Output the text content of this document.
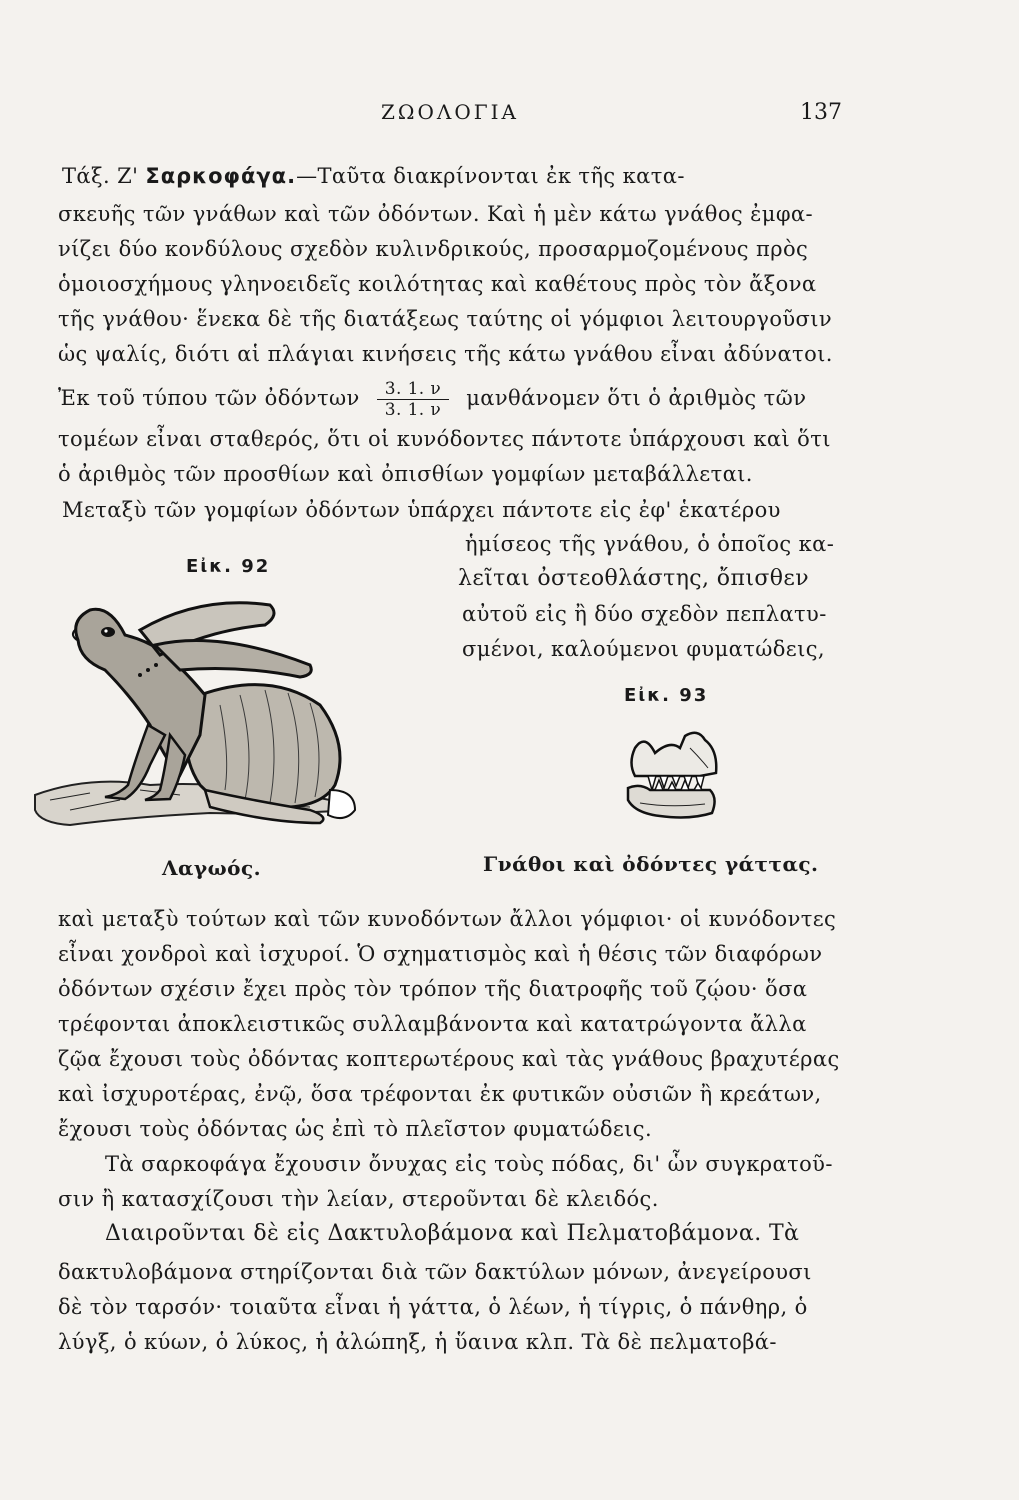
ΖΩΟΛΟΓΙΑ	137
Τάξ. Ζ' Σαρκοφάγα.—Ταῦτα διακρίνονται ἐκ τῆς κατα-
σκευῆς τῶν γνάθων καὶ τῶν ὀδόντων. Καὶ ἡ μὲν κάτω γνάθος ἐμφα-
νίζει δύο κονδύλους σχεδὸν κυλινδρικούς, προσαρμοζομένους πρὸς
ὁμοιοσχήμους γληνοειδεῖς κοιλότητας καὶ καθέτους πρὸς τὸν ἄξονα
τῆς γνάθου· ἕνεκα δὲ τῆς διατάξεως ταύτης οἱ γόμφιοι λειτουργοῦσιν
ὡς ψαλίς, διότι αἱ πλάγιαι κινήσεις τῆς κάτω γνάθου εἶναι ἀδύνατοι.
Ἐκ τοῦ τύπου τῶν ὀδόντων $\frac{3. 1. \nu}{3. 1. \nu}$ μανθάνομεν ὅτι ὁ ἀριθμὸς τῶν
τομέων εἶναι σταθερός, ὅτι οἱ κυνόδοντες πάντοτε ὑπάρχουσι καὶ ὅτι
ὁ ἀριθμὸς τῶν προσθίων καὶ ὀπισθίων γομφίων μεταβάλλεται.
Μεταξὺ τῶν γομφίων ὀδόντων ὑπάρχει πάντοτε εἰς ἐφ' ἑκατέρου
ἡμίσεος τῆς γνάθου, ὁ ὁποῖος κα-
λεῖται ὀστεοθλάστης, ὄπισθεν
αὐτοῦ εἰς ἢ δύο σχεδὸν πεπλατυ-
σμένοι, καλούμενοι φυματώδεις,
Εἰκ. 92
Λαγωός.
Εἰκ. 93
Γνάθοι καὶ ὀδόντες γάττας.
καὶ μεταξὺ τούτων καὶ τῶν κυνοδόντων ἄλλοι γόμφιοι· οἱ κυνόδοντες
εἶναι χονδροὶ καὶ ἰσχυροί. Ὁ σχηματισμὸς καὶ ἡ θέσις τῶν διαφόρων
ὀδόντων σχέσιν ἔχει πρὸς τὸν τρόπον τῆς διατροφῆς τοῦ ζῴου· ὅσα
τρέφονται ἀποκλειστικῶς συλλαμβάνοντα καὶ κατατρώγοντα ἄλλα
ζῷα ἔχουσι τοὺς ὀδόντας κοπτερωτέρους καὶ τὰς γνάθους βραχυτέρας
καὶ ἰσχυροτέρας, ἐνῷ, ὅσα τρέφονται ἐκ φυτικῶν οὐσιῶν ἢ κρεάτων,
ἔχουσι τοὺς ὀδόντας ὡς ἐπὶ τὸ πλεῖστον φυματώδεις.
Τὰ σαρκοφάγα ἔχουσιν ὄνυχας εἰς τοὺς πόδας, δι' ὧν συγκρατοῦ-
σιν ἢ κατασχίζουσι τὴν λείαν, στεροῦνται δὲ κλειδός.
Διαιροῦνται δὲ εἰς Δακτυλοβάμονα καὶ Πελματοβάμονα. Τὰ
δακτυλοβάμονα στηρίζονται διὰ τῶν δακτύλων μόνων, ἀνεγείρουσι
δὲ τὸν ταρσόν· τοιαῦτα εἶναι ἡ γάττα, ὁ λέων, ἡ τίγρις, ὁ πάνθηρ, ὁ
λύγξ, ὁ κύων, ὁ λύκος, ἡ ἀλώπηξ, ἡ ὕαινα κλπ. Τὰ δὲ πελματοβά-
